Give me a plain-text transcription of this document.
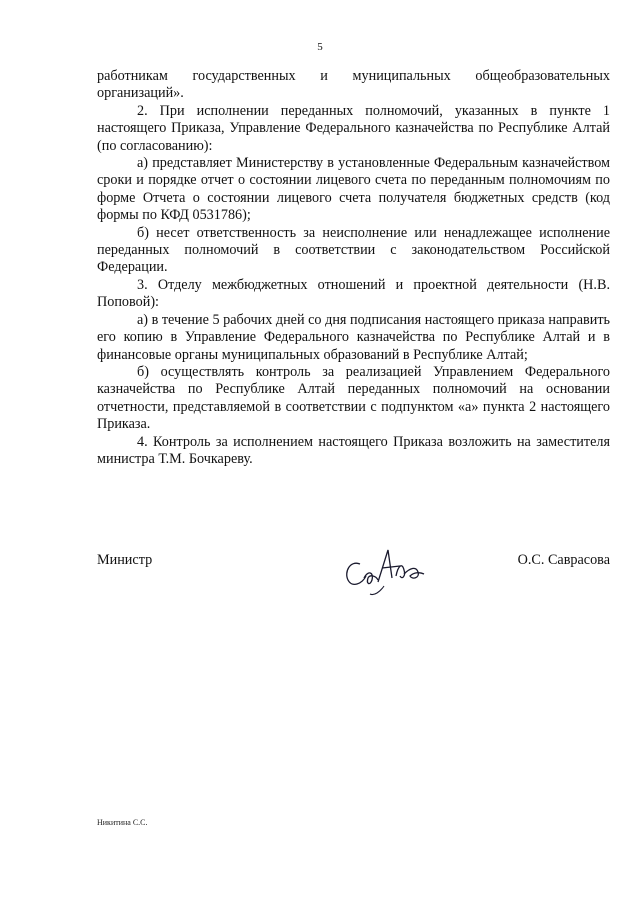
5

работникам государственных и муниципальных общеобразовательных организаций».

2. При исполнении переданных полномочий, указанных в пункте 1 настоящего Приказа, Управление Федерального казначейства по Республике Алтай (по согласованию):

а) представляет Министерству в установленные Федеральным казначейством сроки и порядке отчет о состоянии лицевого счета по переданным полномочиям по форме Отчета о состоянии лицевого счета получателя бюджетных средств (код формы по КФД 0531786);

б) несет ответственность за неисполнение или ненадлежащее исполнение переданных полномочий в соответствии с законодательством Российской Федерации.

3. Отделу межбюджетных отношений и проектной деятельности (Н.В. Поповой):

а) в течение 5 рабочих дней со дня подписания настоящего приказа направить его копию в Управление Федерального казначейства по Республике Алтай и в финансовые органы муниципальных образований в Республике Алтай;

б) осуществлять контроль за реализацией Управлением Федерального казначейства по Республике Алтай переданных полномочий на основании отчетности, представляемой в соответствии с подпунктом «а» пункта 2 настоящего Приказа.

4. Контроль за исполнением настоящего Приказа возложить на заместителя министра Т.М. Бочкареву.

Министр	О.С. Саврасова
Никитина С.С.
